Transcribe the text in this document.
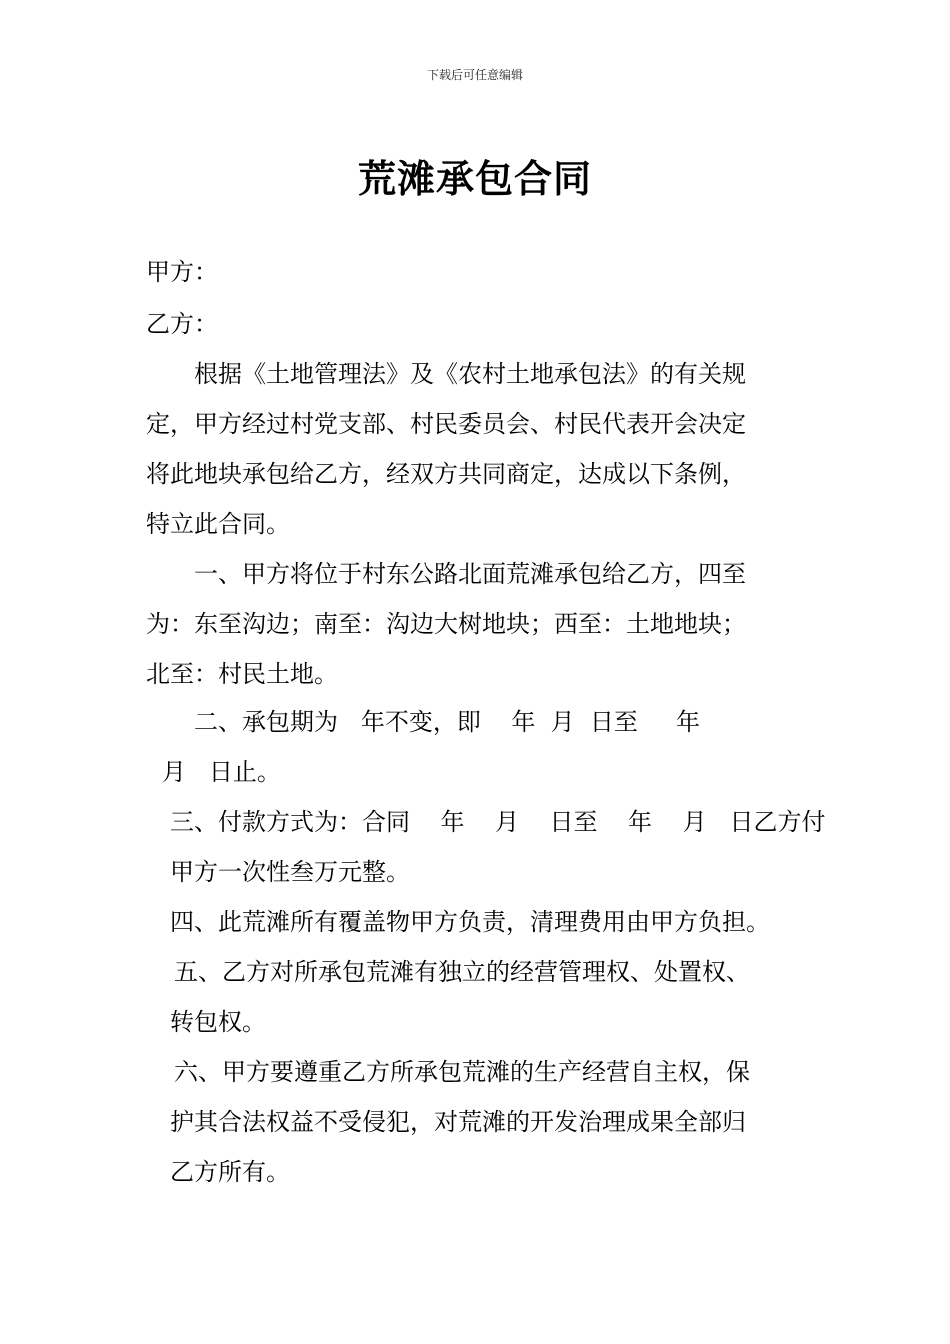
下载后可任意编辑
荒滩承包合同
甲方：
乙方：
根据《土地管理法》及《农村土地承包法》的有关规
定，甲方经过村党支部、村民委员会、村民代表开会决定
将此地块承包给乙方，经双方共同商定，达成以下条例，
特立此合同。
一、甲方将位于村东公路北面荒滩承包给乙方，四至
为：东至沟边；南至：沟边大树地块；西至：土地地块；
北至：村民土地。
二、承包期为   年不变，即    年  月  日至     年
月   日止。
三、付款方式为：合同    年    月    日至    年    月   日乙方付
甲方一次性叁万元整。
四、此荒滩所有覆盖物甲方负责，清理费用由甲方负担。
五、乙方对所承包荒滩有独立的经营管理权、处置权、
转包权。
六、甲方要遵重乙方所承包荒滩的生产经营自主权，保
护其合法权益不受侵犯，对荒滩的开发治理成果全部归
乙方所有。
